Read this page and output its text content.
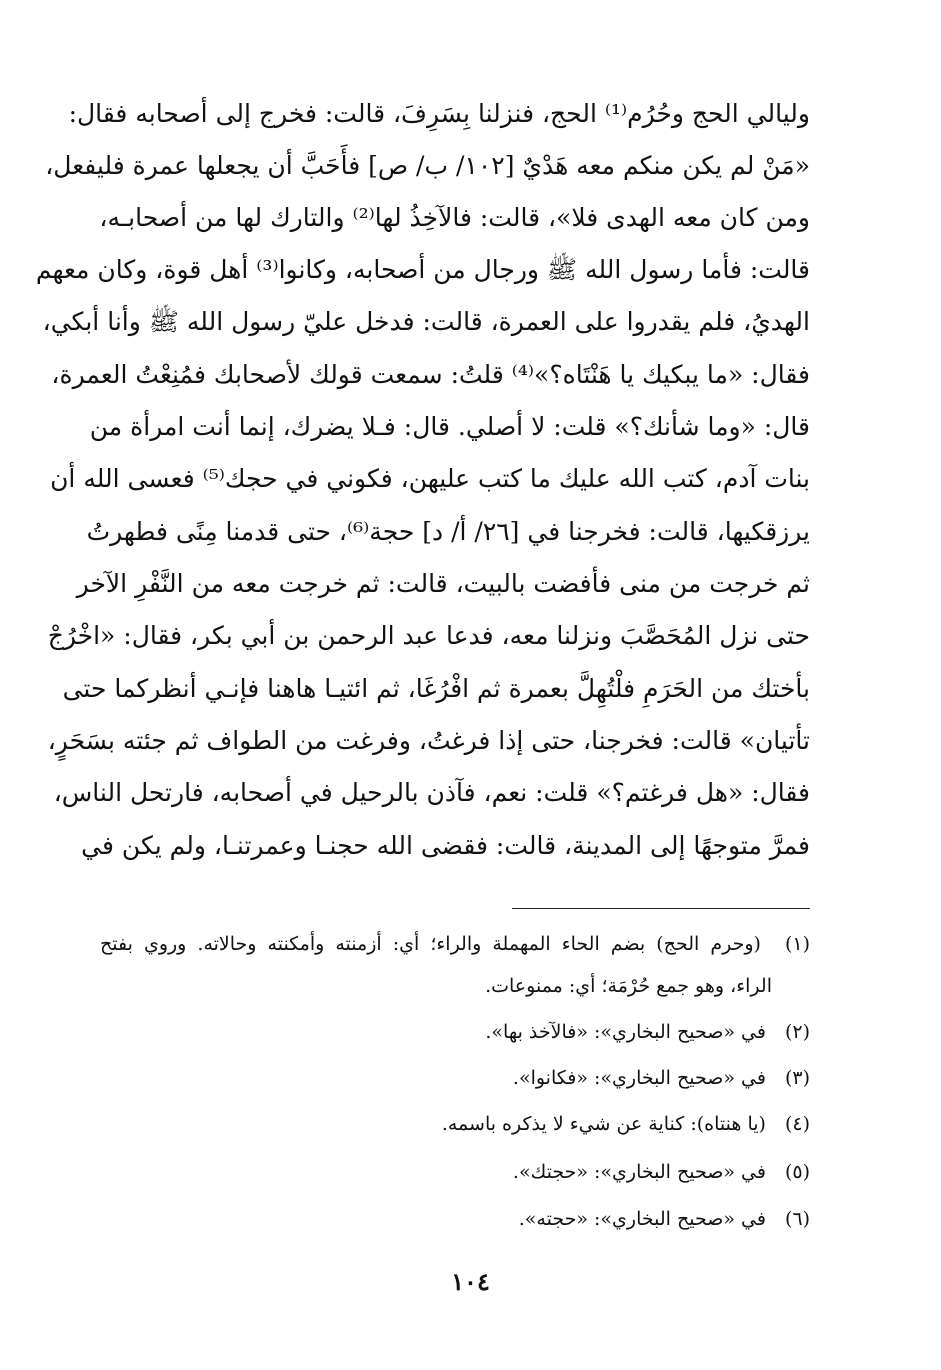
وليالي الحج وحُرُم⁽¹⁾ الحج، فنزلنا بِسَرِفَ، قالت: فخرج إلى أصحابه فقال:
«مَنْ لم يكن منكم معه هَدْيٌ [١٠٢/ ب/ ص] فأَحَبَّ أن يجعلها عمرة فليفعل،
ومن كان معه الهدى فلا»، قالت: فالآخِذُ لها⁽²⁾ والتارك لها من أصحابـه،
قالت: فأما رسول الله ﷺ ورجال من أصحابه، وكانوا⁽³⁾ أهل قوة، وكان معهم
الهديُ، فلم يقدروا على العمرة، قالت: فدخل عليّ رسول الله ﷺ وأنا أبكي،
فقال: «ما يبكيك يا هَنْتَاه؟»⁽⁴⁾ قلتُ: سمعت قولك لأصحابك فمُنِعْتُ العمرة،
قال: «وما شأنك؟» قلت: لا أصلي. قال: فـلا يضرك، إنما أنت امرأة من
بنات آدم، كتب الله عليك ما كتب عليهن، فكوني في حجك⁽⁵⁾ فعسى الله أن
يرزقكيها، قالت: فخرجنا في [٢٦/ أ/ د] حجة⁽⁶⁾، حتى قدمنا مِنًى فطهرتُ
ثم خرجت من منى فأفضت بالبيت، قالت: ثم خرجت معه من النَّفْرِ الآخر
حتى نزل المُحَصَّبَ ونزلنا معه، فدعا عبد الرحمن بن أبي بكر، فقال: «اخْرُجْ
بأختك من الحَرَمِ فلْتُهِلَّ بعمرة ثم افْرُغَا، ثم ائتيـا هاهنا فإنـي أنظركما حتى
تأتيان» قالت: فخرجنا، حتى إذا فرغتُ، وفرغت من الطواف ثم جئته بسَحَرٍ،
فقال: «هل فرغتم؟» قلت: نعم، فآذن بالرحيل في أصحابه، فارتحل الناس،
فمرَّ متوجهًا إلى المدينة، قالت: فقضى الله حجنـا وعمرتنـا، ولم يكن في
(١) (وحرم الحج) بضم الحاء المهملة والراء؛ أي: أزمنته وأمكنته وحالاته. وروي بفتح
الراء، وهو جمع حُرْمَة؛ أي: ممنوعات.
(٢) في «صحيح البخاري»: «فالآخذ بها».
(٣) في «صحيح البخاري»: «فكانوا».
(٤) (يا هنتاه): كناية عن شيء لا يذكره باسمه.
(٥) في «صحيح البخاري»: «حجتك».
(٦) في «صحيح البخاري»: «حجته».
١٠٤
